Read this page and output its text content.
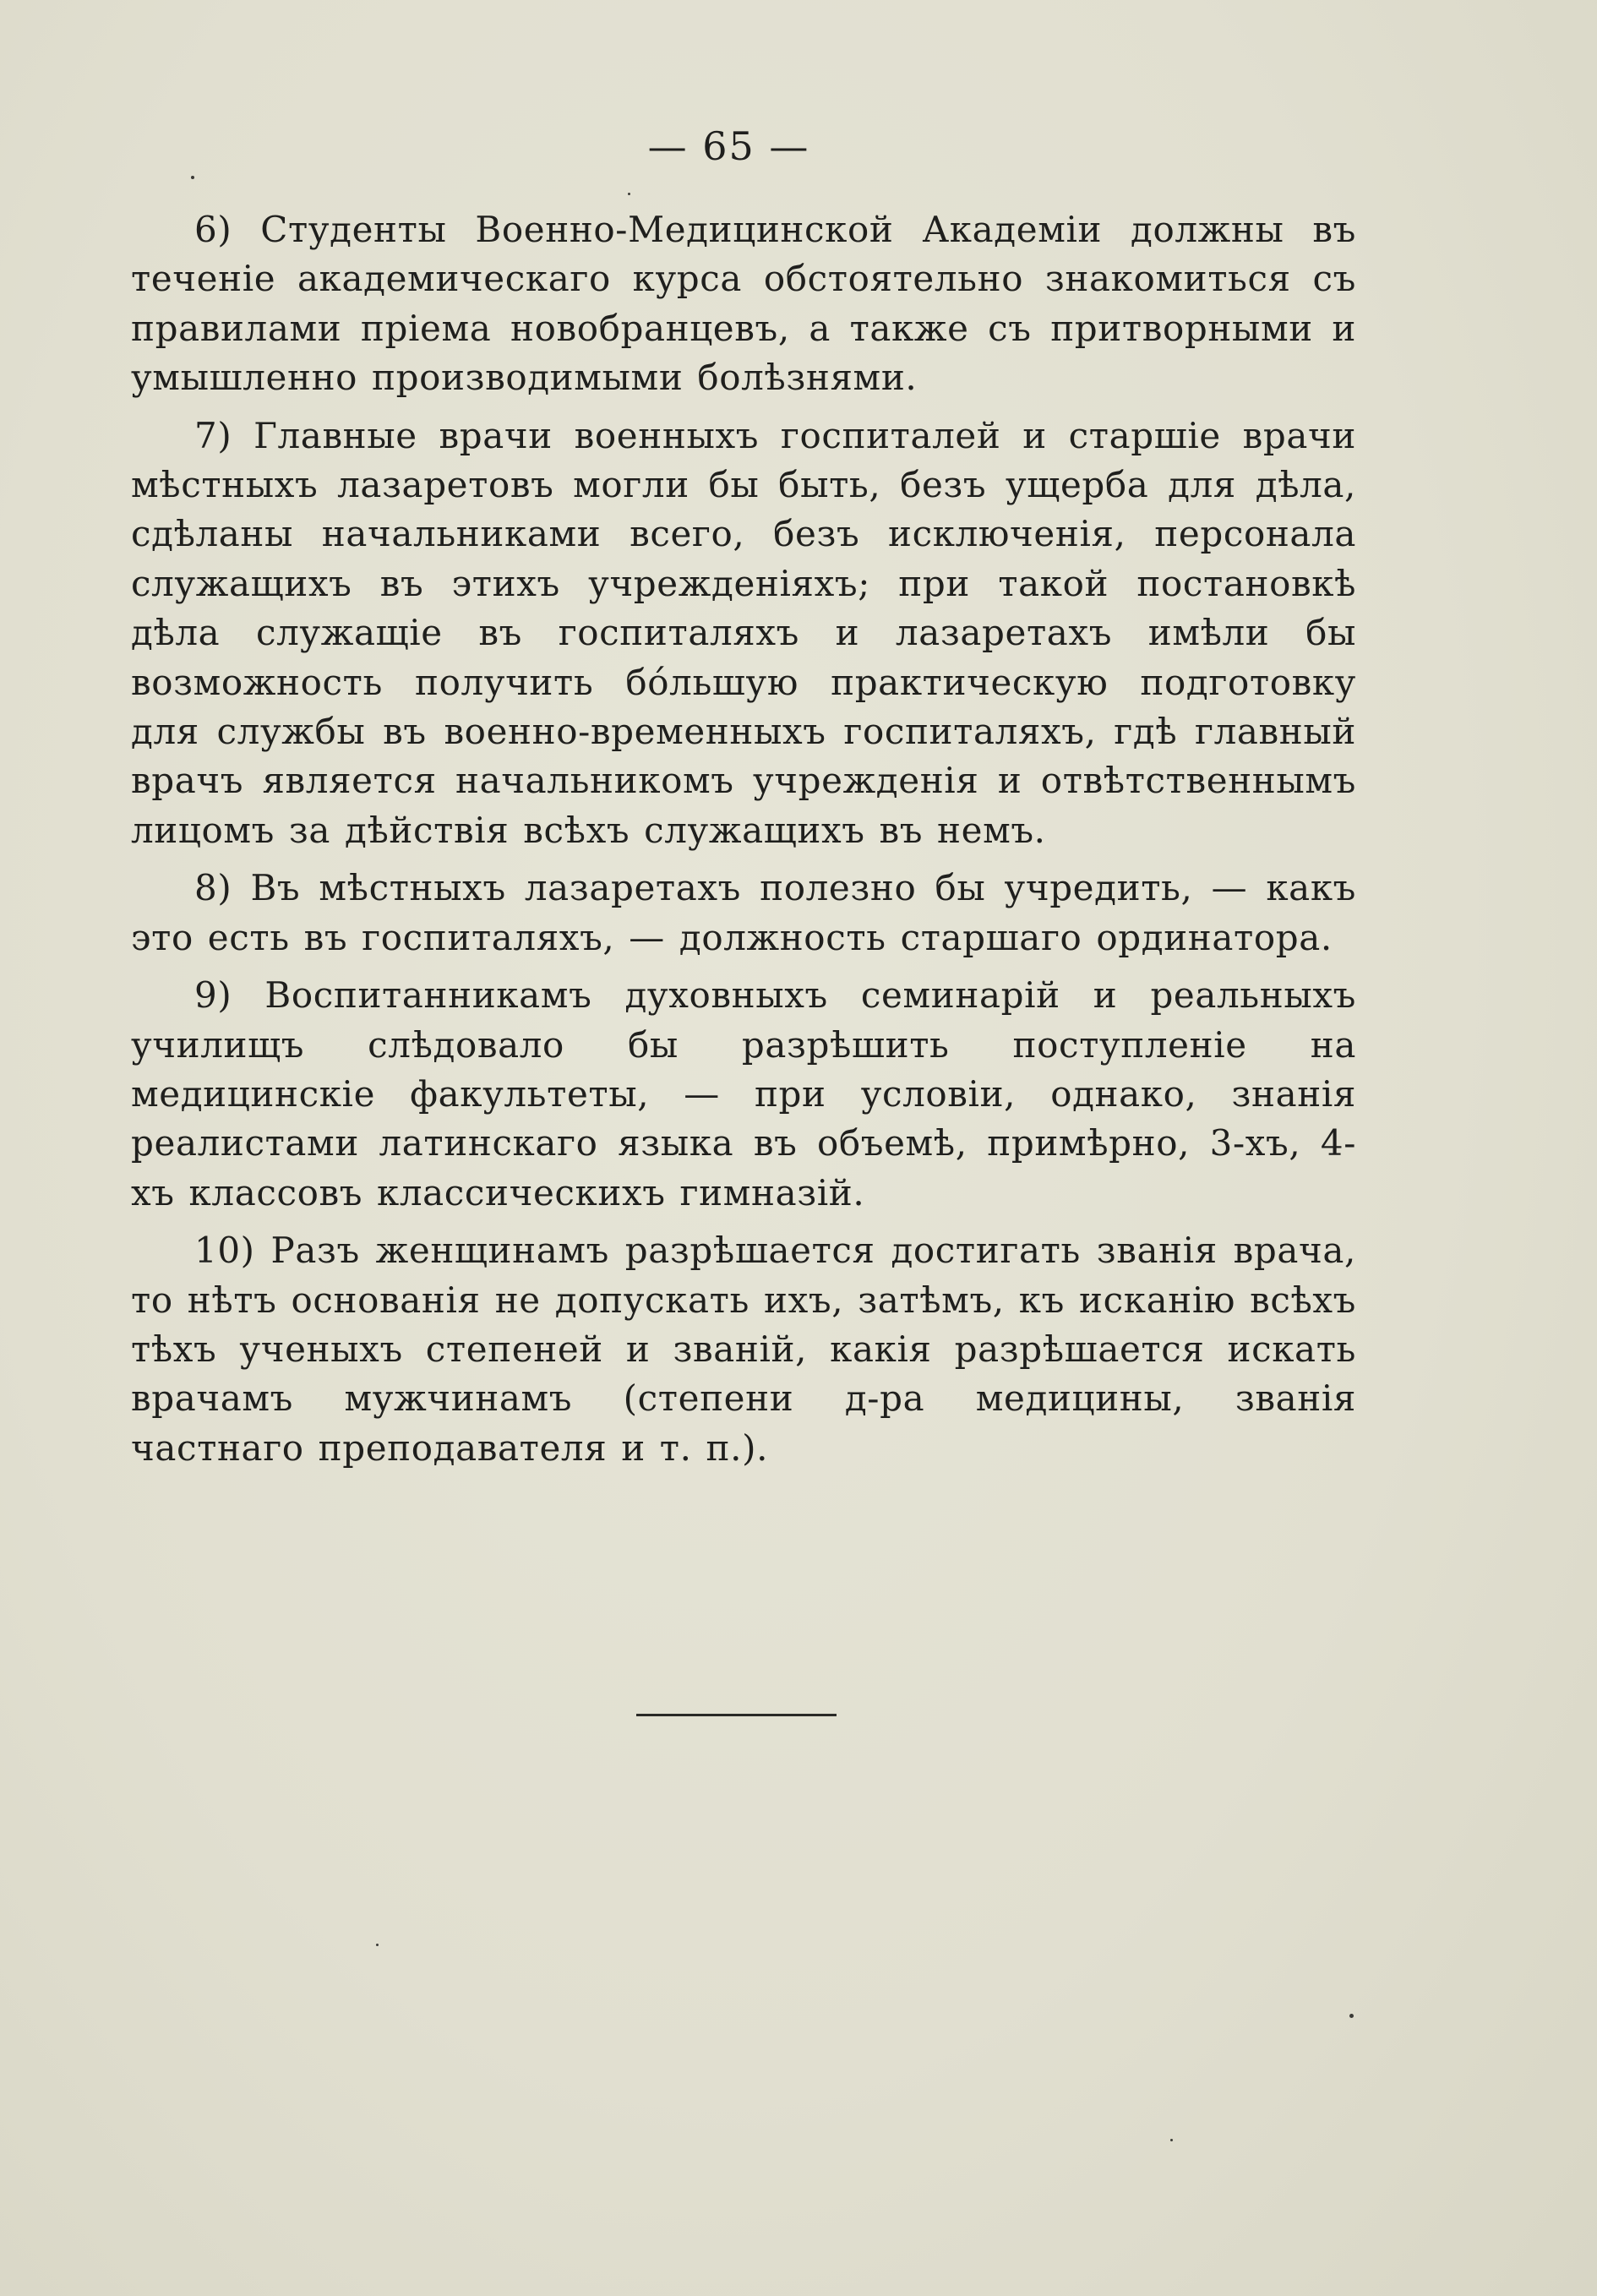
— 65 —

6) Студенты Военно-Медицинской Академіи должны въ теченіе академическаго курса обстоятельно знакомиться съ правилами пріема новобранцевъ, а также съ притворными и умышленно производимыми болѣзнями.

7) Главные врачи военныхъ госпиталей и старшіе врачи мѣстныхъ лазаретовъ могли бы быть, безъ ущерба для дѣла, сдѣланы начальниками всего, безъ исключенія, персонала служащихъ въ этихъ учрежденіяхъ; при такой постановкѣ дѣла служащіе въ госпиталяхъ и лазаретахъ имѣли бы возможность получить бóльшую практическую подготовку для службы въ военно-временныхъ госпиталяхъ, гдѣ главный врачъ является начальникомъ учрежденія и отвѣтственнымъ лицомъ за дѣйствія всѣхъ служащихъ въ немъ.

8) Въ мѣстныхъ лазаретахъ полезно бы учредить, — какъ это есть въ госпиталяхъ, — должность старшаго ординатора.

9) Воспитанникамъ духовныхъ семинарій и реальныхъ училищъ слѣдовало бы разрѣшить поступленіе на медицинскіе факультеты, — при условіи, однако, знанія реалистами латинскаго языка въ объемѣ, примѣрно, 3-хъ, 4-хъ классовъ классическихъ гимназій.

10) Разъ женщинамъ разрѣшается достигать званія врача, то нѣтъ основанія не допускать ихъ, затѣмъ, къ исканію всѣхъ тѣхъ ученыхъ степеней и званій, какія разрѣшается искать врачамъ мужчинамъ (степени д-ра медицины, званія частнаго преподавателя и т. п.).
